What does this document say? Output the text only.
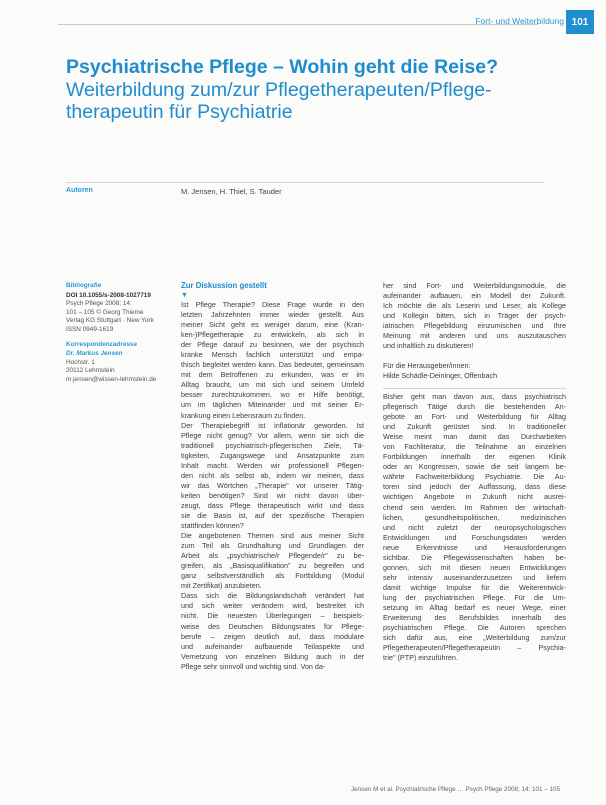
Fort- und Weiterbildung 101
Psychiatrische Pflege – Wohin geht die Reise?
Weiterbildung zum/zur Pflegetherapeuten/Pflege-
therapeutin für Psychiatrie
Autoren	M. Jensen, H. Thiel, S. Tauder
Bibliografie
DOI 10.1055/s-2008-1027719
Psych Pflege 2008; 14:
101 – 105 © Georg Thieme
Verlag KG Stuttgart · New York
ISSN 0949-1619
Korrespondenzadresse
Dr. Markus Jensen
Hochstr. 1
20112 Lehmstein
m.jensen@wissen-lehmstein.de
Zur Diskussion gestellt
▼
Ist Pflege Therapie? Diese Frage wurde in den
letzten Jahrzehnten immer wieder gestellt. Aus
meiner Sicht geht es weniger darum, eine (Kran-
ken-)Pflegetherapie zu entwickeln, als sich in
der Pflege darauf zu besinnen, wie der psychisch
kranke Mensch fachlich unterstützt und empa-
thisch begleitet werden kann. Das bedeutet, gemeinsam
mit dem Betroffenen zu erkunden, was er im
Alltag braucht, um mit sich und seinem Umfeld
besser zurechtzukommen, wo er Hilfe benötigt,
um im täglichen Miteinander und mit seiner Er-
krankung einen Lebensraum zu finden.
Der Therapiebegriff ist inflationär geworden. Ist
Pflege nicht genug? Vor allem, wenn sie sich die
traditionell psychiatrisch-pflegerischen Ziele, Tä-
tigkeiten, Zugangswege und Ansatzpunkte zum
Inhalt macht. Werden wir professionell Pflegen-
den nicht als selbst ab, indem wir meinen, dass
wir das Wörtchen „Therapie" vor unserer Tätig-
keiten benötigen? Sind wir nicht davon über-
zeugt, dass Pflege therapeutisch wirkt und dass
sie die Basis ist, auf der spezifische Therapien
stattfinden können?
Die angebotenen Themen sind aus meiner Sicht
zum Teil als Grundhaltung und Grundlagen der
Arbeit als „psychiatrische/r Pflegende/r" zu be-
greifen, als „Basisqualifikation" zu begreifen und
ganz selbstverständlich als Fortbildung (Modul
mit Zertifikat) anzubieten.
Dass sich die Bildungslandschaft verändert hat
und sich weiter verändern wird, bestreitet ich
nicht. Die neuesten Überlegungen – beispiels-
weise des Deutschen Bildungsrates für Pflege-
berufe – zeigen deutlich auf, dass modulare
und aufeinander aufbauende Teilaspekte und
Vernetzung von einzelnen Bildung auch in der
Pflege sehr sinnvoll und wichtig sind. Von da-
her sind Fort- und Weiterbildungsmodule, die
aufeinander aufbauen, ein Modell der Zukunft.
Ich möchte die als Leserin und Leser, als Kollege
und Kollegin bitten, sich in Träger der psych-
iatrischen Pflegebildung einzumischen und Ihre
Meinung mit anderen und uns auszutauschen
und inhaltlich zu diskutieren!
Für die Herausgeber/innen:
Hilde Schädle-Deininger, Offenbach
Bisher geht man davon aus, dass psychiatrisch
pflegerisch Tätige durch die bestehenden An-
gebote an Fort- und Weiterbildung für Alltag
und Zukunft gerüstet sind. In traditioneller
Weise meint man damit das Durcharbeiten
von Fachliteratur, die Teilnahme an einzelnen
Fortbildungen innerhalb der eigenen Klinik
oder an Kongressen, sowie die seit langem be-
währte Fachweiterbildung Psychiatrie. Die Au-
toren sind jedoch der Auffassung, dass diese
wichtigen Angebote in Zukunft nicht ausrei-
chend sein werden. Im Rahmen der wirtschaft-
lichen, gesundheitspolitischen, medizinischen
und nicht zuletzt der neuropsychologischen
Entwicklungen und Forschungsdaten werden
neue Erkenntnisse und Herausforderungen
sichtbar. Die Pflegewissenschaften haben be-
gonnen, sich mit diesen neuen Entwicklungen
sehr intensiv auseinanderzusetzen und liefern
damit wichtige Impulse für die Weiterentwick-
lung der psychiatrischen Pflege. Für die Um-
setzung im Alltag bedarf es neuer Wege, einer
Erweiterung des Berufsbildes innerhalb des
psychiatrischen Pflege. Die Autoren sprechen
sich dafür aus, eine „Weiterbildung zum/zur
Pflegetherapeuten/Pflegetherapeutin – Psychia-
trie" (PTP) einzuführen.
Jensen M et al. Psychiatrische Pflege … Psych Pflege 2008; 14: 101 – 105
